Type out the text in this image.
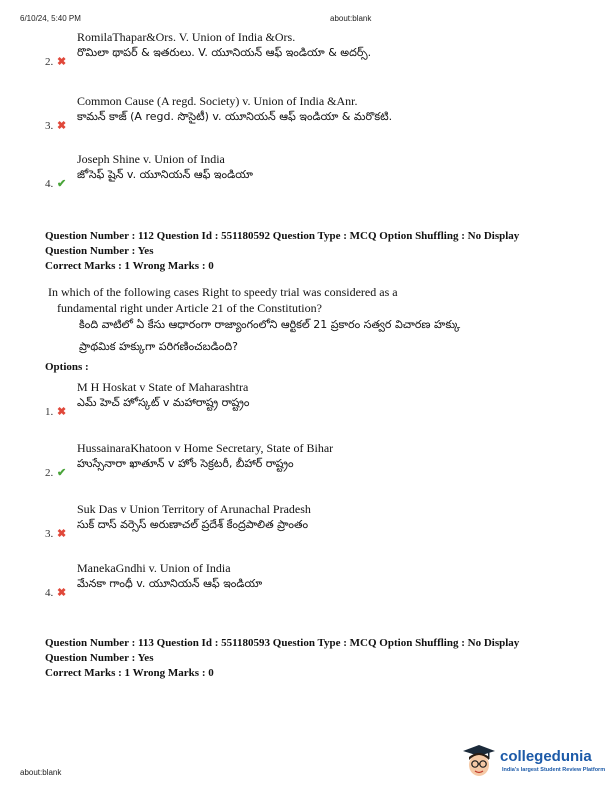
6/10/24, 5:40 PM	about:blank
2. ✖
RomilaThapar&Ors. V. Union of India &Ors.
రొమిలా థాపర్ & ఇతరులు. V. యూనియన్ ఆఫ్ ఇండియా & అదర్స్.
3. ✖
Common Cause (A regd. Society) v. Union of India &Anr.
కామన్ కాజ్ (A regd. సొసైటీ) v. యూనియన్ ఆఫ్ ఇండియా & మరొకటి.
4. ✔
Joseph Shine v. Union of India
జోసెఫ్ షైన్ v. యూనియన్ ఆఫ్ ఇండియా
Question Number : 112 Question Id : 551180592 Question Type : MCQ Option Shuffling : No Display
Question Number : Yes
Correct Marks : 1 Wrong Marks : 0
In which of the following cases Right to speedy trial was considered as a
fundamental right under Article 21 of the Constitution?
కింది వాటిలో ఏ కేసు ఆధారంగా రాజ్యాంగంలోని ఆర్టికల్ 21 ప్రకారం సత్వర విచారణ హక్కు
ప్రాథమిక హక్కుగా పరిగణించబడింది?
Options :
1. ✖
M H Hoskat v State of Maharashtra
ఎమ్ హెచ్ హోస్కట్ v మహారాష్ట్ర రాష్ట్రం
2. ✔
HussainaraKhatoon v Home Secretary, State of Bihar
హుస్సేనారా ఖాతూన్ v హోం సెక్రటరీ, బీహార్ రాష్ట్రం
3. ✖
Suk Das v Union Territory of Arunachal Pradesh
సుక్ దాస్ వర్సెస్ అరుణాచల్ ప్రదేశ్ కేంద్రపాలిత ప్రాంతం
4. ✖
ManekaGndhi v. Union of India
మేనకా గాంధీ v. యూనియన్ ఆఫ్ ఇండియా
Question Number : 113 Question Id : 551180593 Question Type : MCQ Option Shuffling : No Display
Question Number : Yes
Correct Marks : 1 Wrong Marks : 0
about:blank
collegedunia
India's largest Student Review Platform
